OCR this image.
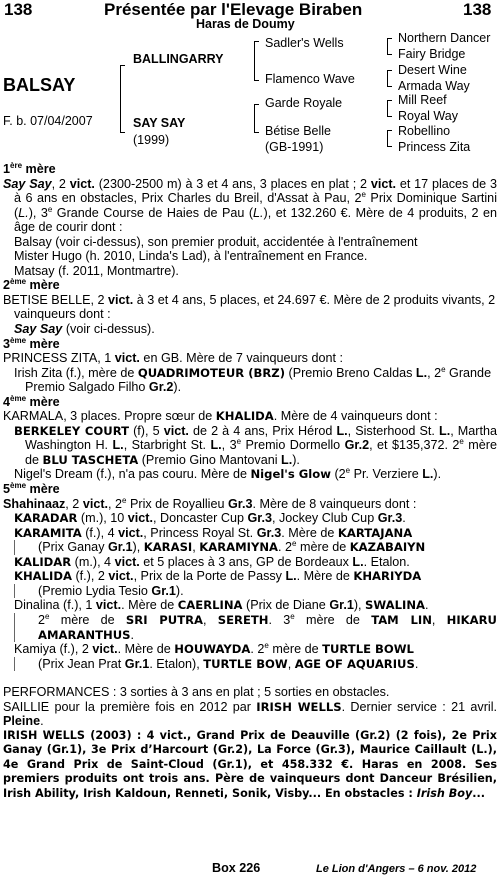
138	Présentée par l'Elevage Biraben	138
Haras de Doumy
BALSAY
F. b. 07/04/2007
BALLINGARRY
SAY SAY
(1999)
Sadler's Wells
Flamenco Wave
Garde Royale
Bétise Belle
(GB-1991)
Northern Dancer
Fairy Bridge
Desert Wine
Armada Way
Mill Reef
Royal Way
Robellino
Princess Zita

1ère mère

Say Say, 2 vict. (2300-2500 m) à 3 et 4 ans, 3 places en plat ; 2 vict. et 17 places de 3 à 6 ans en obstacles, Prix Charles du Breil, d'Assat à Pau, 2e Prix Dominique Sartini (L.), 3e Grande Course de Haies de Pau (L.), et 132.260 €. Mère de 4 produits, 2 en âge de courir dont :

Balsay (voir ci-dessus), son premier produit, accidentée à l'entraînement

Mister Hugo (h. 2010, Linda's Lad), à l'entraînement en France.

Matsay (f. 2011, Montmartre).

2ème mère

BETISE BELLE, 2 vict. à 3 et 4 ans, 5 places, et 24.697 €. Mère de 2 produits vivants, 2 vainqueurs dont :

Say Say (voir ci-dessus).

3ème mère

PRINCESS ZITA, 1 vict. en GB. Mère de 7 vainqueurs dont :

Irish Zita (f.), mère de QUADRIMOTEUR (BRZ) (Premio Breno Caldas L., 2e Grande Premio Salgado Filho Gr.2).

4ème mère

KARMALA, 3 places. Propre sœur de KHALIDA. Mère de 4 vainqueurs dont :

BERKELEY COURT (f), 5 vict. de 2 à 4 ans, Prix Hérod L., Sisterhood St. L., Martha Washington H. L., Starbright St. L., 3e Premio Dormello Gr.2, et $135,372. 2e mère de BLU TASCHETA (Premio Gino Mantovani L.).

Nigel's Dream (f.), n'a pas couru. Mère de Nigel's Glow (2e Pr. Verziere L.).

5ème mère

Shahinaaz, 2 vict., 2e Prix de Royallieu Gr.3. Mère de 8 vainqueurs dont :

KARADAR (m.), 10 vict., Doncaster Cup Gr.3, Jockey Club Cup Gr.3.

KARAMITA (f.), 4 vict., Princess Royal St. Gr.3. Mère de KARTAJANA

(Prix Ganay Gr.1), KARASI, KARAMIYNA. 2e mère de KAZABAIYN

KALIDAR (m.), 4 vict. et 5 places à 3 ans, GP de Bordeaux L.. Etalon.

KHALIDA (f.), 2 vict., Prix de la Porte de Passy L.. Mère de KHARIYDA

(Premio Lydia Tesio Gr.1).

Dinalina (f.), 1 vict.. Mère de CAERLINA (Prix de Diane Gr.1), SWALINA.

2e mère de SRI PUTRA, SERETH. 3e mère de TAM LIN, HIKARU AMARANTHUS.

Kamiya (f.), 2 vict.. Mère de HOUWAYDA. 2e mère de TURTLE BOWL

(Prix Jean Prat Gr.1. Etalon), TURTLE BOW, AGE OF AQUARIUS.

PERFORMANCES : 3 sorties à 3 ans en plat ; 5 sorties en obstacles.

SAILLIE pour la première fois en 2012 par IRISH WELLS. Dernier service : 21 avril. Pleine.

IRISH WELLS (2003) : 4 vict., Grand Prix de Deauville (Gr.2) (2 fois), 2e Prix Ganay (Gr.1), 3e Prix d’Harcourt (Gr.2), La Force (Gr.3), Maurice Caillault (L.), 4e Grand Prix de Saint-Cloud (Gr.1), et 458.332 €. Haras en 2008. Ses premiers produits ont trois ans. Père de vainqueurs dont Danceur Brésilien, Irish Ability, Irish Kaldoun, Renneti, Sonik, Visby... En obstacles : Irish Boy...

Box 226	Le Lion d'Angers – 6 nov. 2012
